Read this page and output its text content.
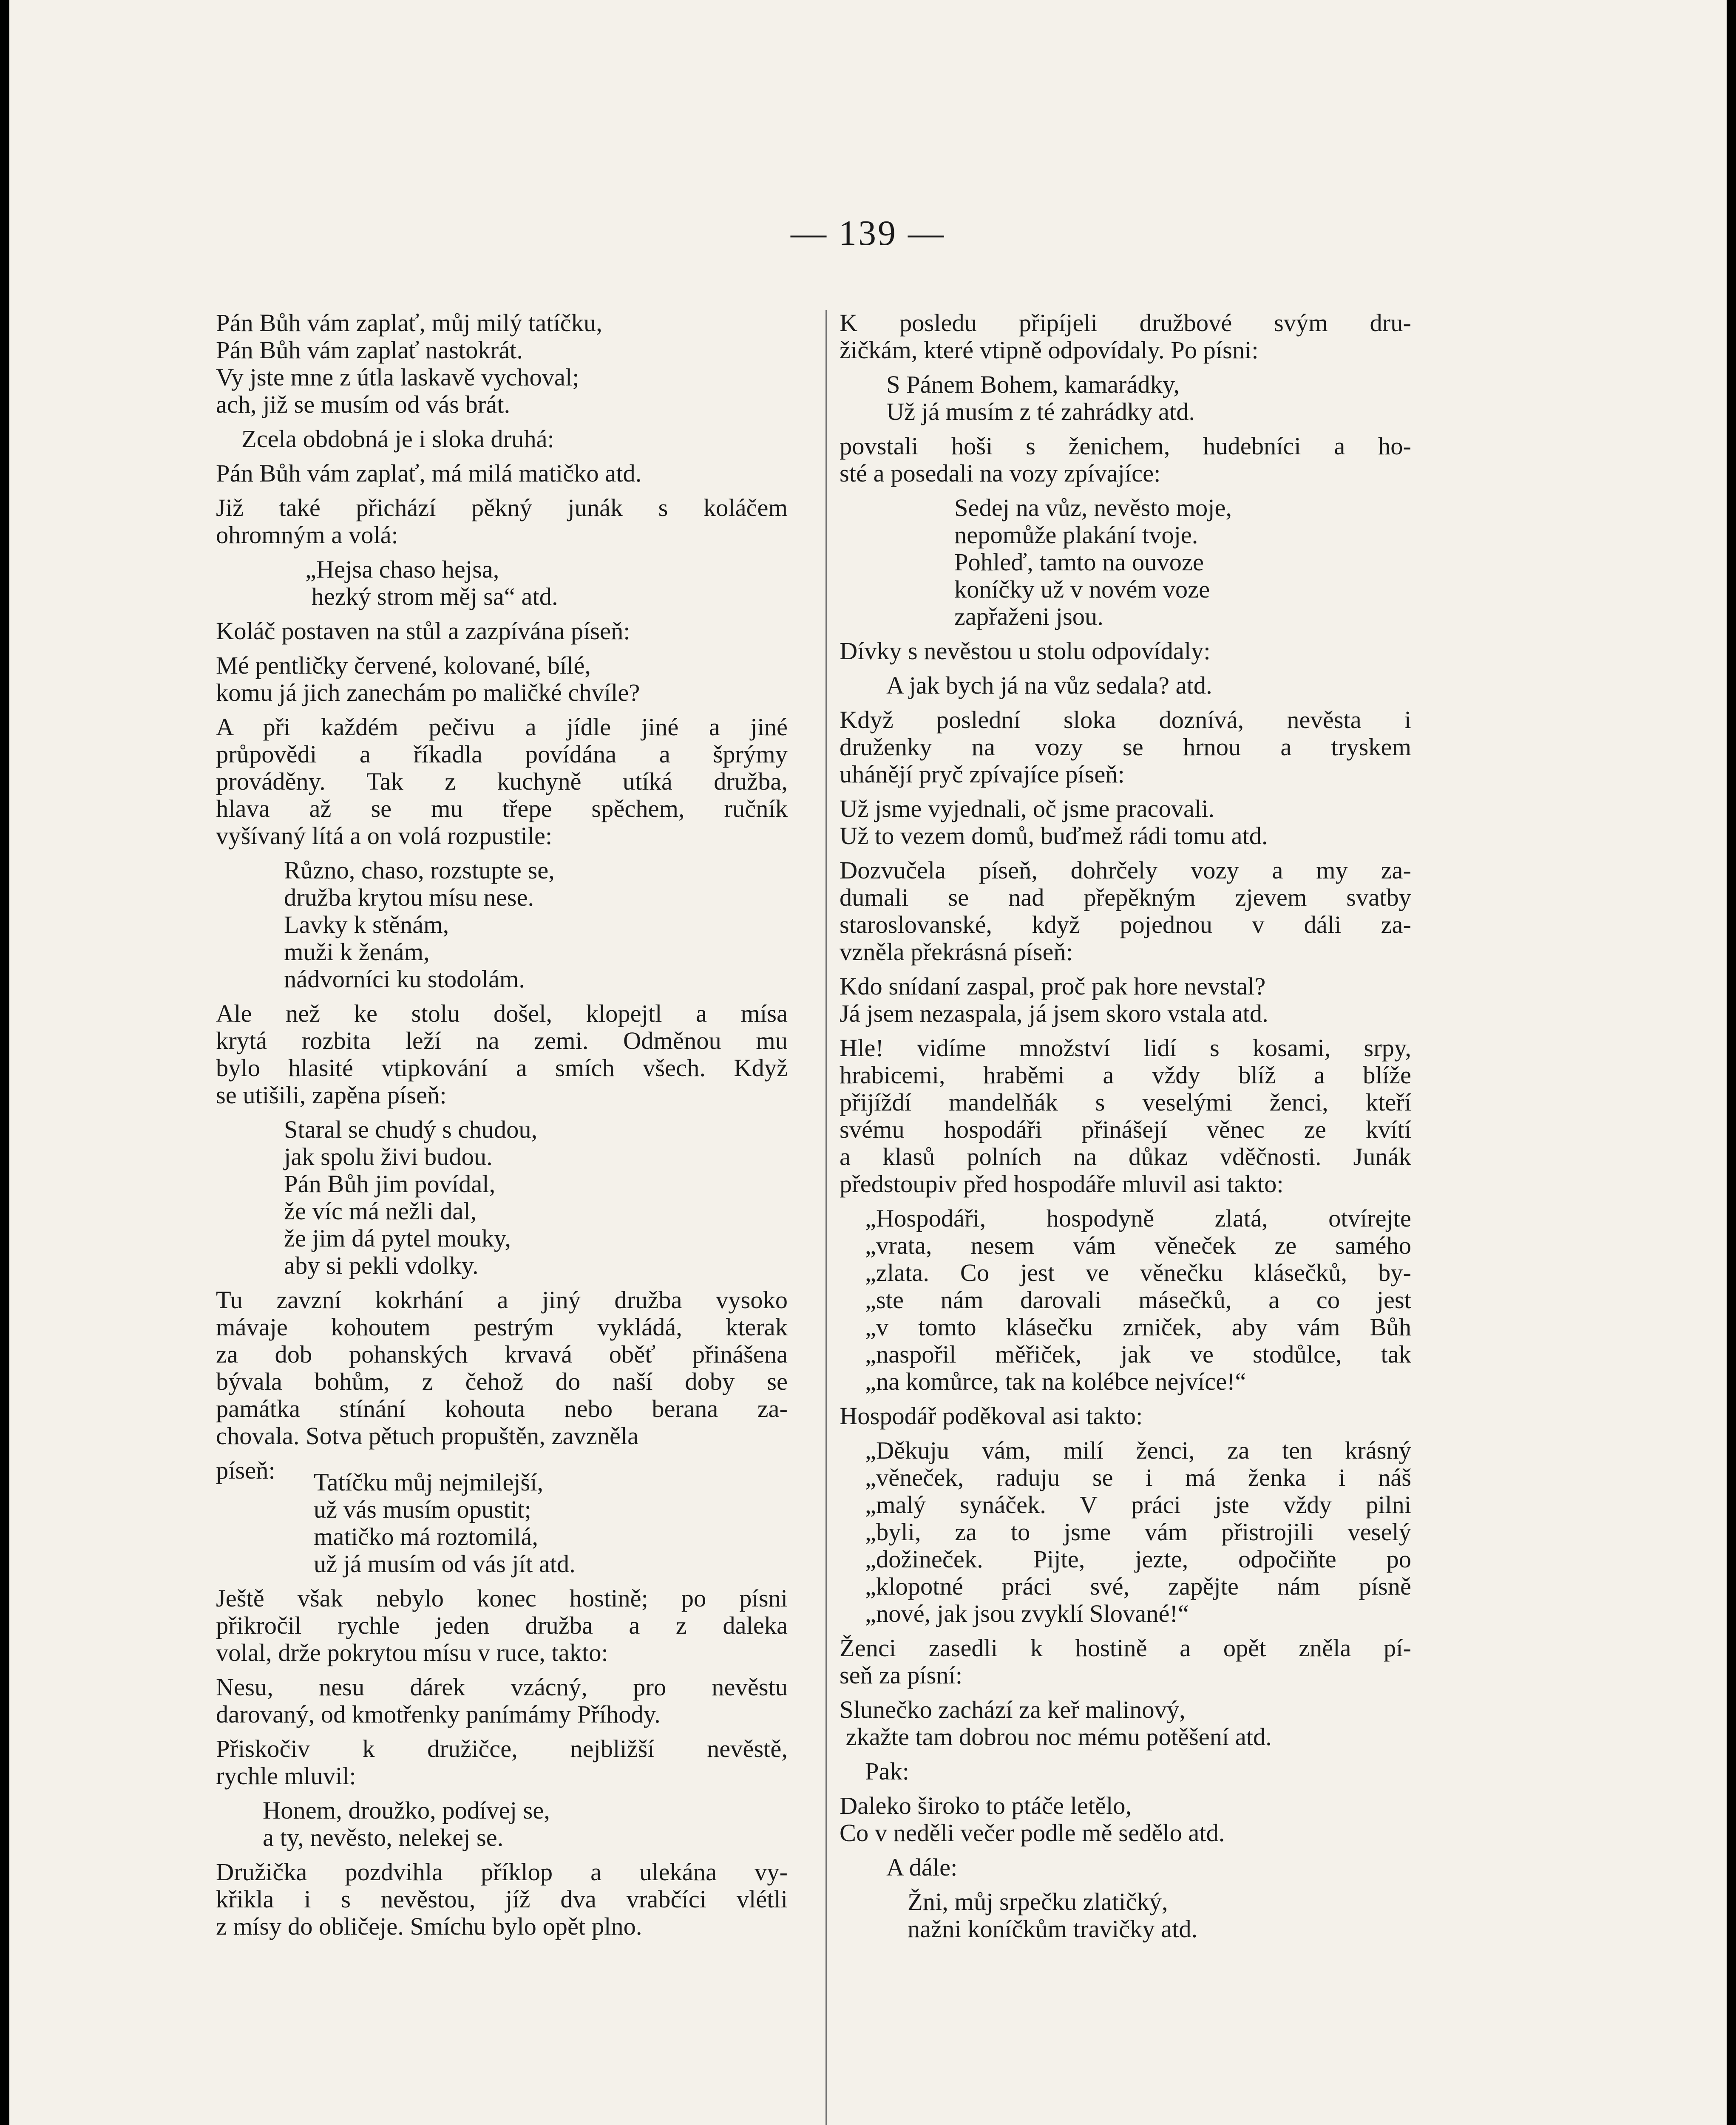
— 139 —
Pán Bůh vám zaplať, můj milý tatíčku,
Pán Bůh vám zaplať nastokrát.
Vy jste mne z útla laskavě vychoval;
ach, již se musím od vás brát.
Zcela obdobná je i sloka druhá:
Pán Bůh vám zaplať, má milá matičko atd.
Již také přichází pěkný junák s koláčem
ohromným a volá:
„Hejsa chaso hejsa,
hezký strom měj sa“ atd.
Koláč postaven na stůl a zazpívána píseň:
Mé pentličky červené, kolované, bílé,
komu já jich zanechám po maličké chvíle?
A při každém pečivu a jídle jiné a jiné
průpovědi a říkadla povídána a šprýmy
prováděny. Tak z kuchyně utíká družba,
hlava až se mu třepe spěchem, ručník
vyšívaný lítá a on volá rozpustile:
Různo, chaso, rozstupte se,
družba krytou mísu nese.
Lavky k stěnám,
muži k ženám,
nádvorníci ku stodolám.
Ale než ke stolu došel, klopejtl a mísa
krytá rozbita leží na zemi. Odměnou mu
bylo hlasité vtipkování a smích všech. Když
se utišili, zapěna píseň:
Staral se chudý s chudou,
jak spolu živi budou.
Pán Bůh jim povídal,
že víc má nežli dal,
že jim dá pytel mouky,
aby si pekli vdolky.
Tu zavzní kokrhání a jiný družba vysoko
mávaje kohoutem pestrým vykládá, kterak
za dob pohanských krvavá oběť přinášena
bývala bohům, z čehož do naší doby se
památka stínání kohouta nebo berana za-
chovala. Sotva pětuch propuštěn, zavzněla
píseň:	Tatíčku můj nejmilejší,
už vás musím opustit;
matičko má roztomilá,
už já musím od vás jít atd.
Ještě však nebylo konec hostině; po písni
přikročil rychle jeden družba a z daleka
volal, drže pokrytou mísu v ruce, takto:
Nesu, nesu dárek vzácný, pro nevěstu
darovaný, od kmotřenky panímámy Příhody.
Přiskočiv k družičce, nejbližší nevěstě,
rychle mluvil:
Honem, droužko, podívej se,
a ty, nevěsto, nelekej se.
Družička pozdvihla příklop a ulekána vy-
křikla i s nevěstou, jíž dva vrabčíci vlétli
z mísy do obličeje. Smíchu bylo opět plno.
K posledu připíjeli družbové svým dru-
žičkám, které vtipně odpovídaly. Po písni:
S Pánem Bohem, kamarádky,
Už já musím z té zahrádky atd.
povstali hoši s ženichem, hudebníci a ho-
sté a posedali na vozy zpívajíce:
Sedej na vůz, nevěsto moje,
nepomůže plakání tvoje.
Pohleď, tamto na ouvoze
koníčky už v novém voze
zapřaženi jsou.
Dívky s nevěstou u stolu odpovídaly:
A jak bych já na vůz sedala? atd.
Když poslední sloka doznívá, nevěsta i
druženky na vozy se hrnou a tryskem
uhánějí pryč zpívajíce píseň:
Už jsme vyjednali, oč jsme pracovali.
Už to vezem domů, buďmež rádi tomu atd.
Dozvučela píseň, dohrčely vozy a my za-
dumali se nad přepěkným zjevem svatby
staroslovanské, když pojednou v dáli za-
vzněla překrásná píseň:
Kdo snídaní zaspal, proč pak hore nevstal?
Já jsem nezaspala, já jsem skoro vstala atd.
Hle! vidíme množství lidí s kosami, srpy,
hrabicemi, hraběmi a vždy blíž a blíže
přijíždí mandelňák s veselými ženci, kteří
svému hospodáři přinášejí věnec ze kvítí
a klasů polních na důkaz vděčnosti. Junák
předstoupiv před hospodáře mluvil asi takto:
„Hospodáři, hospodyně zlatá, otvírejte
„vrata, nesem vám věneček ze samého
„zlata. Co jest ve věnečku klásečků, by-
„ste nám darovali másečků, a co jest
„v tomto klásečku zrniček, aby vám Bůh
„naspořil měřiček, jak ve stodůlce, tak
„na komůrce, tak na kolébce nejvíce!“
Hospodář poděkoval asi takto:
„Děkuju vám, milí ženci, za ten krásný
„věneček, raduju se i má ženka i náš
„malý synáček. V práci jste vždy pilni
„byli, za to jsme vám přistrojili veselý
„dožineček. Pijte, jezte, odpočiňte po
„klopotné práci své, zapějte nám písně
„nové, jak jsou zvyklí Slované!“
Ženci zasedli k hostině a opět zněla pí-
seň za písní:
Slunečko zachází za keř malinový,
zkažte tam dobrou noc mému potěšení atd.
Pak:
Daleko široko to ptáče letělo,
Co v neděli večer podle mě sedělo atd.
A dále:
Žni, můj srpečku zlatičký,
nažni koníčkům travičky atd.
